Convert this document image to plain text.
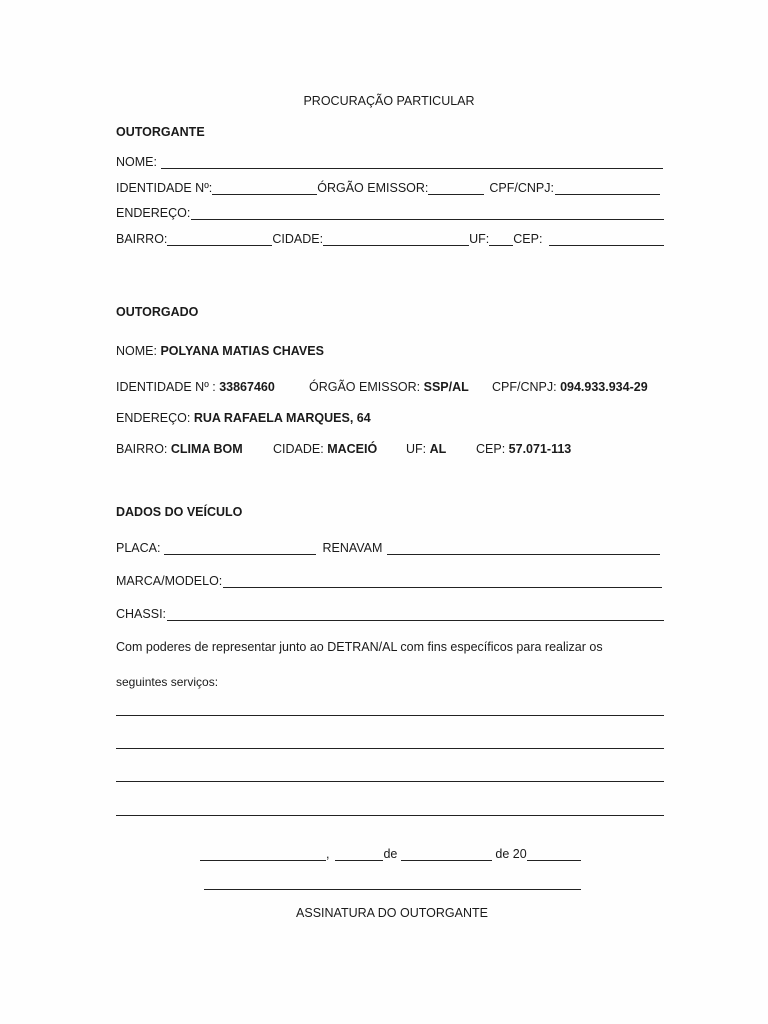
PROCURAÇÃO PARTICULAR
OUTORGANTE
NOME:
IDENTIDADE Nº:	ÓRGÃO EMISSOR:	CPF/CNPJ:
ENDEREÇO:
BAIRRO:	CIDADE:	UF: CEP:
OUTORGADO
NOME: POLYANA MATIAS CHAVES
IDENTIDADE Nº : 33867460	ÓRGÃO EMISSOR: SSP/AL CPF/CNPJ: 094.933.934-29
ENDEREÇO: RUA RAFAELA MARQUES, 64
BAIRRO: CLIMA BOM CIDADE: MACEIÓ UF: AL CEP: 57.071-113
DADOS DO VEÍCULO
PLACA:	RENAVAM
MARCA/MODELO:
CHASSI:
Com poderes de representar junto ao DETRAN/AL com fins específicos para realizar os
seguintes serviços:
,	de	de 20
ASSINATURA DO OUTORGANTE
